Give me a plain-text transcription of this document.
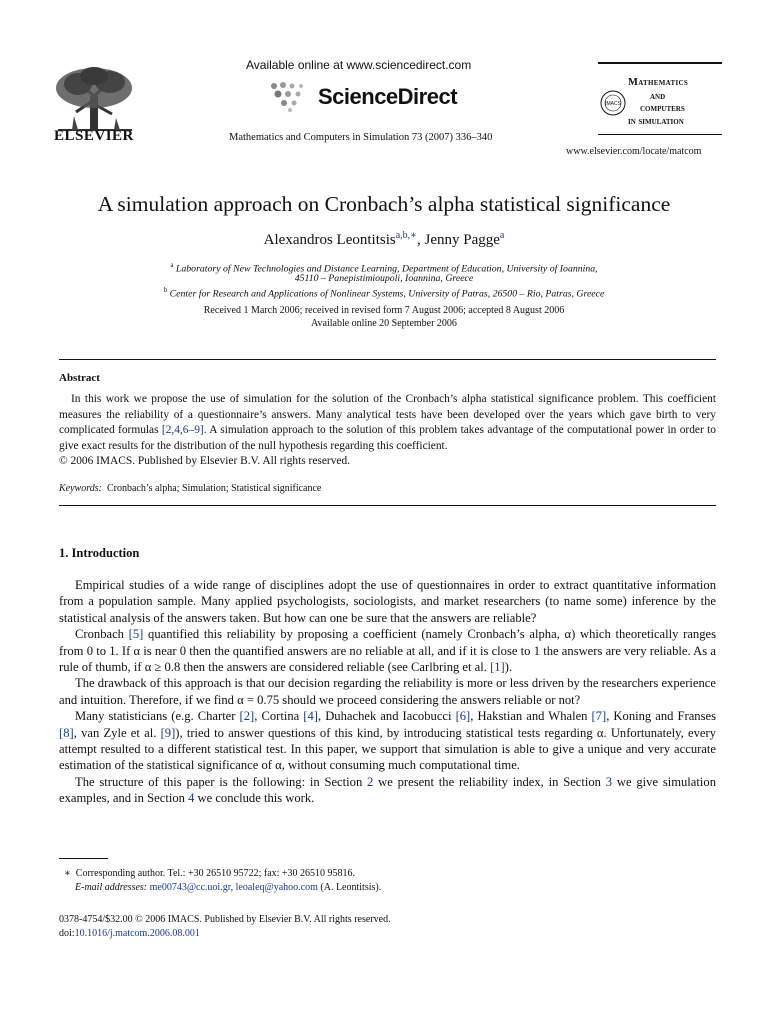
ELSEVIER
Available online at www.sciencedirect.com
ScienceDirect
Mathematics and Computers in Simulation 73 (2007) 336–340
IMACS
Mathematics
and
computers
in simulation
www.elsevier.com/locate/matcom
A simulation approach on Cronbach’s alpha statistical significance
Alexandros Leontitsis$^{a,b,∗}$, Jenny Pagge$^a$
$^a$ Laboratory of New Technologies and Distance Learning, Department of Education, University of Ioannina,
45110 – Panepistimioupoli, Ioannina, Greece
$^b$ Center for Research and Applications of Nonlinear Systems, University of Patras, 26500 – Rio, Patras, Greece
Received 1 March 2006; received in revised form 7 August 2006; accepted 8 August 2006
Available online 20 September 2006
Abstract
In this work we propose the use of simulation for the solution of the Cronbach’s alpha statistical significance problem. This coefficient measures the reliability of a questionnaire’s answers. Many analytical tests have been developed over the years which gave birth to very complicated formulas [2,4,6–9]. A simulation approach to the solution of this problem takes advantage of the computational power in order to give exact results for the distribution of the null hypothesis regarding this coefficient.
© 2006 IMACS. Published by Elsevier B.V. All rights reserved.
Keywords: Cronbach’s alpha; Simulation; Statistical significance
1. Introduction

Empirical studies of a wide range of disciplines adopt the use of questionnaires in order to extract quantitative information from a population sample. Many applied psychologists, sociologists, and market researchers (to name some) inference by the statistical analysis of the answers taken. But how can one be sure that the answers are reliable?

Cronbach [5] quantified this reliability by proposing a coefficient (namely Cronbach’s alpha, α) which theoretically ranges from 0 to 1. If α is near 0 then the quantified answers are no reliable at all, and if it is close to 1 the answers are very reliable. As a rule of thumb, if α ≥ 0.8 then the answers are considered reliable (see Carlbring et al. [1]).

The drawback of this approach is that our decision regarding the reliability is more or less driven by the researchers experience and intuition. Therefore, if we find α = 0.75 should we proceed considering the answers reliable or not?

Many statisticians (e.g. Charter [2], Cortina [4], Duhachek and Iacobucci [6], Hakstian and Whalen [7], Koning and Franses [8], van Zyle et al. [9]), tried to answer questions of this kind, by introducing statistical tests regarding α. Unfortunately, every attempt resulted to a different statistical test. In this paper, we support that simulation is able to give a unique and very accurate estimation of the statistical significance of α, without consuming much computational time.

The structure of this paper is the following: in Section 2 we present the reliability index, in Section 3 we give simulation examples, and in Section 4 we conclude this work.

∗ Corresponding author. Tel.: +30 26510 95722; fax: +30 26510 95816.
E-mail addresses: me00743@cc.uoi.gr, leoaleq@yahoo.com (A. Leontitsis).
0378-4754/$32.00 © 2006 IMACS. Published by Elsevier B.V. All rights reserved.
doi:10.1016/j.matcom.2006.08.001
